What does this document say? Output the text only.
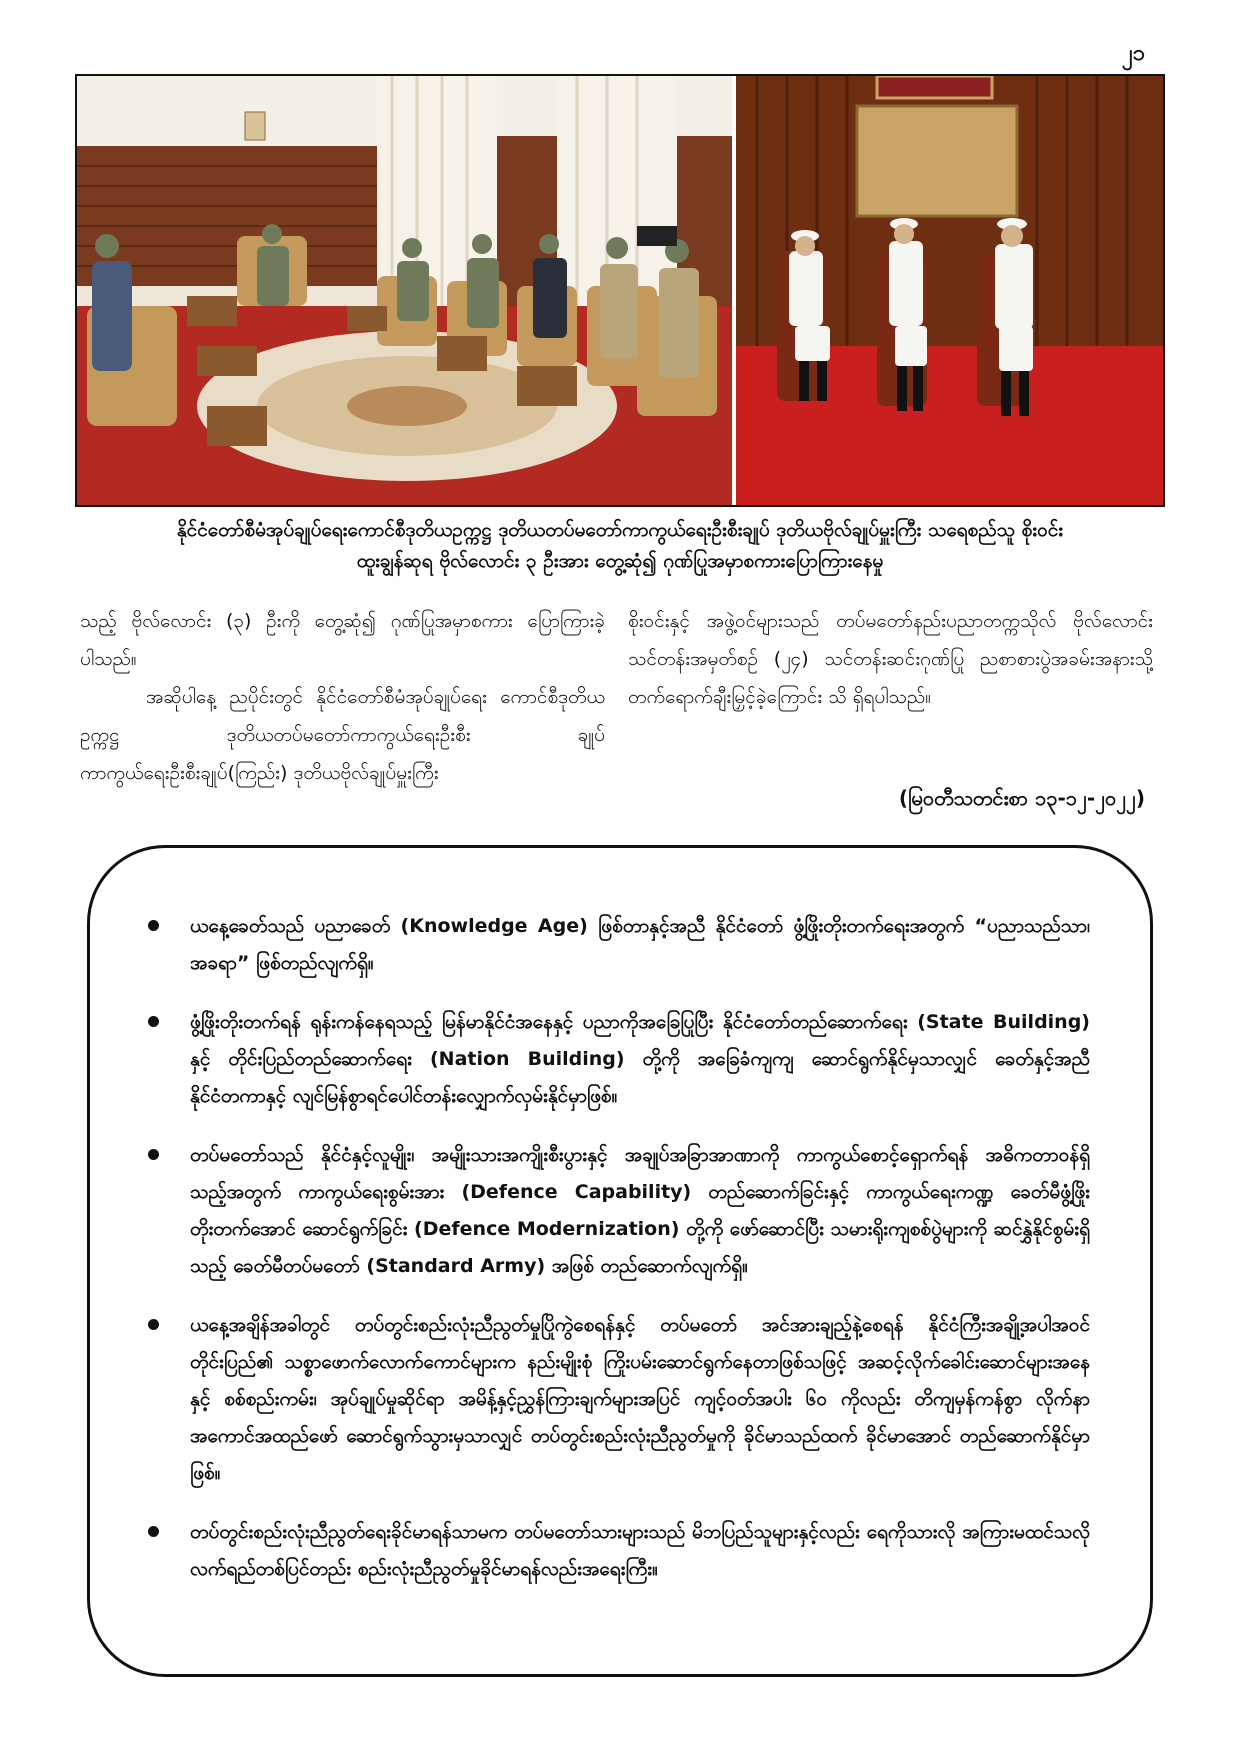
၂၁
နိုင်ငံတော်စီမံအုပ်ချုပ်ရေးကောင်စီဒုတိယဥက္ကဋ္ဌ ဒုတိယတပ်မတော်ကာကွယ်ရေးဦးစီးချုပ် ဒုတိယဗိုလ်ချုပ်မှူးကြီး သရေစည်သူ စိုးဝင်း
ထူးချွန်ဆုရ ဗိုလ်လောင်း ၃ ဦးအား တွေ့ဆုံ၍ ဂုဏ်ပြုအမှာစကားပြောကြားနေမှု

သည့် ဗိုလ်လောင်း (၃) ဦးကို တွေ့ဆုံ၍ ဂုဏ်ပြုအမှာစကား ပြောကြားခဲ့ပါသည်။

အဆိုပါနေ့ ညပိုင်းတွင် နိုင်ငံတော်စီမံအုပ်ချုပ်ရေး ကောင်စီဒုတိယဥက္ကဋ္ဌ ဒုတိယတပ်မတော်ကာကွယ်ရေးဦးစီး ချုပ် ကာကွယ်ရေးဦးစီးချုပ်(ကြည်း) ဒုတိယဗိုလ်ချုပ်မှူးကြီး

စိုးဝင်းနှင့် အဖွဲ့ဝင်များသည် တပ်မတော်နည်းပညာတက္ကသိုလ် ဗိုလ်လောင်းသင်တန်းအမှတ်စဉ် (၂၄) သင်တန်းဆင်းဂုဏ်ပြု ညစာစားပွဲအခမ်းအနားသို့ တက်ရောက်ချီးမြှင့်ခဲ့ကြောင်း သိ ရှိရပါသည်။

(မြဝတီသတင်းစာ ၁၃-၁၂-၂၀၂၂)
ယနေ့ခေတ်သည် ပညာခေတ် (Knowledge Age) ဖြစ်တာနှင့်အညီ နိုင်ငံတော် ဖွံ့ဖြိုးတိုးတက်ရေးအတွက် “ပညာသည်သာ၊ အခရာ” ဖြစ်တည်လျက်ရှိ။
ဖွံ့ဖြိုးတိုးတက်ရန် ရုန်းကန်နေရသည့် မြန်မာနိုင်ငံအနေနှင့် ပညာကိုအခြေပြုပြီး နိုင်ငံတော်တည်ဆောက်ရေး (State Building) နှင့် တိုင်းပြည်တည်ဆောက်ရေး (Nation Building) တို့ကို အခြေခံကျကျ ဆောင်ရွက်နိုင်မှသာလျှင် ခေတ်နှင့်အညီ နိုင်ငံတကာနှင့် လျင်မြန်စွာရင်ပေါင်တန်းလျှောက်လှမ်းနိုင်မှာဖြစ်။
တပ်မတော်သည် နိုင်ငံနှင့်လူမျိုး၊ အမျိုးသားအကျိုးစီးပွားနှင့် အချုပ်အခြာအာဏာကို ကာကွယ်စောင့်ရှောက်ရန် အဓိကတာဝန်ရှိသည့်အတွက် ကာကွယ်ရေးစွမ်းအား (Defence Capability) တည်ဆောက်ခြင်းနှင့် ကာကွယ်ရေးကဏ္ဍ ခေတ်မီဖွံ့ဖြိုး တိုးတက်အောင် ဆောင်ရွက်ခြင်း (Defence Modernization) တို့ကို ဖော်ဆောင်ပြီး သမားရိုးကျစစ်ပွဲများကို ဆင်နွှဲနိုင်စွမ်းရှိသည့် ခေတ်မီတပ်မတော် (Standard Army) အဖြစ် တည်ဆောက်လျက်ရှိ။
ယနေ့အချိန်အခါတွင် တပ်တွင်းစည်းလုံးညီညွတ်မှုပြိုကွဲစေရန်နှင့် တပ်မတော် အင်အားချည့်နဲ့စေရန် နိုင်ငံကြီးအချို့အပါအဝင် တိုင်းပြည်၏ သစ္စာဖောက်လောက်ကောင်များက နည်းမျိုးစုံ ကြိုးပမ်းဆောင်ရွက်နေတာဖြစ်သဖြင့် အဆင့်လိုက်ခေါင်းဆောင်များအနေနှင့် စစ်စည်းကမ်း၊ အုပ်ချုပ်မှုဆိုင်ရာ အမိန့်နှင့်ညွှန်ကြားချက်များအပြင် ကျင့်ဝတ်အပါး ၆၀ ကိုလည်း တိကျမှန်ကန်စွာ လိုက်နာအကောင်အထည်ဖော် ဆောင်ရွက်သွားမှသာလျှင် တပ်တွင်းစည်းလုံးညီညွတ်မှုကို ခိုင်မာသည်ထက် ခိုင်မာအောင် တည်ဆောက်နိုင်မှာဖြစ်။
တပ်တွင်းစည်းလုံးညီညွတ်ရေးခိုင်မာရန်သာမက တပ်မတော်သားများသည် မိဘပြည်သူများနှင့်လည်း ရေကိုသားလို အကြားမထင်သလို လက်ရည်တစ်ပြင်တည်း စည်းလုံးညီညွတ်မှုခိုင်မာရန်လည်းအရေးကြီး။
